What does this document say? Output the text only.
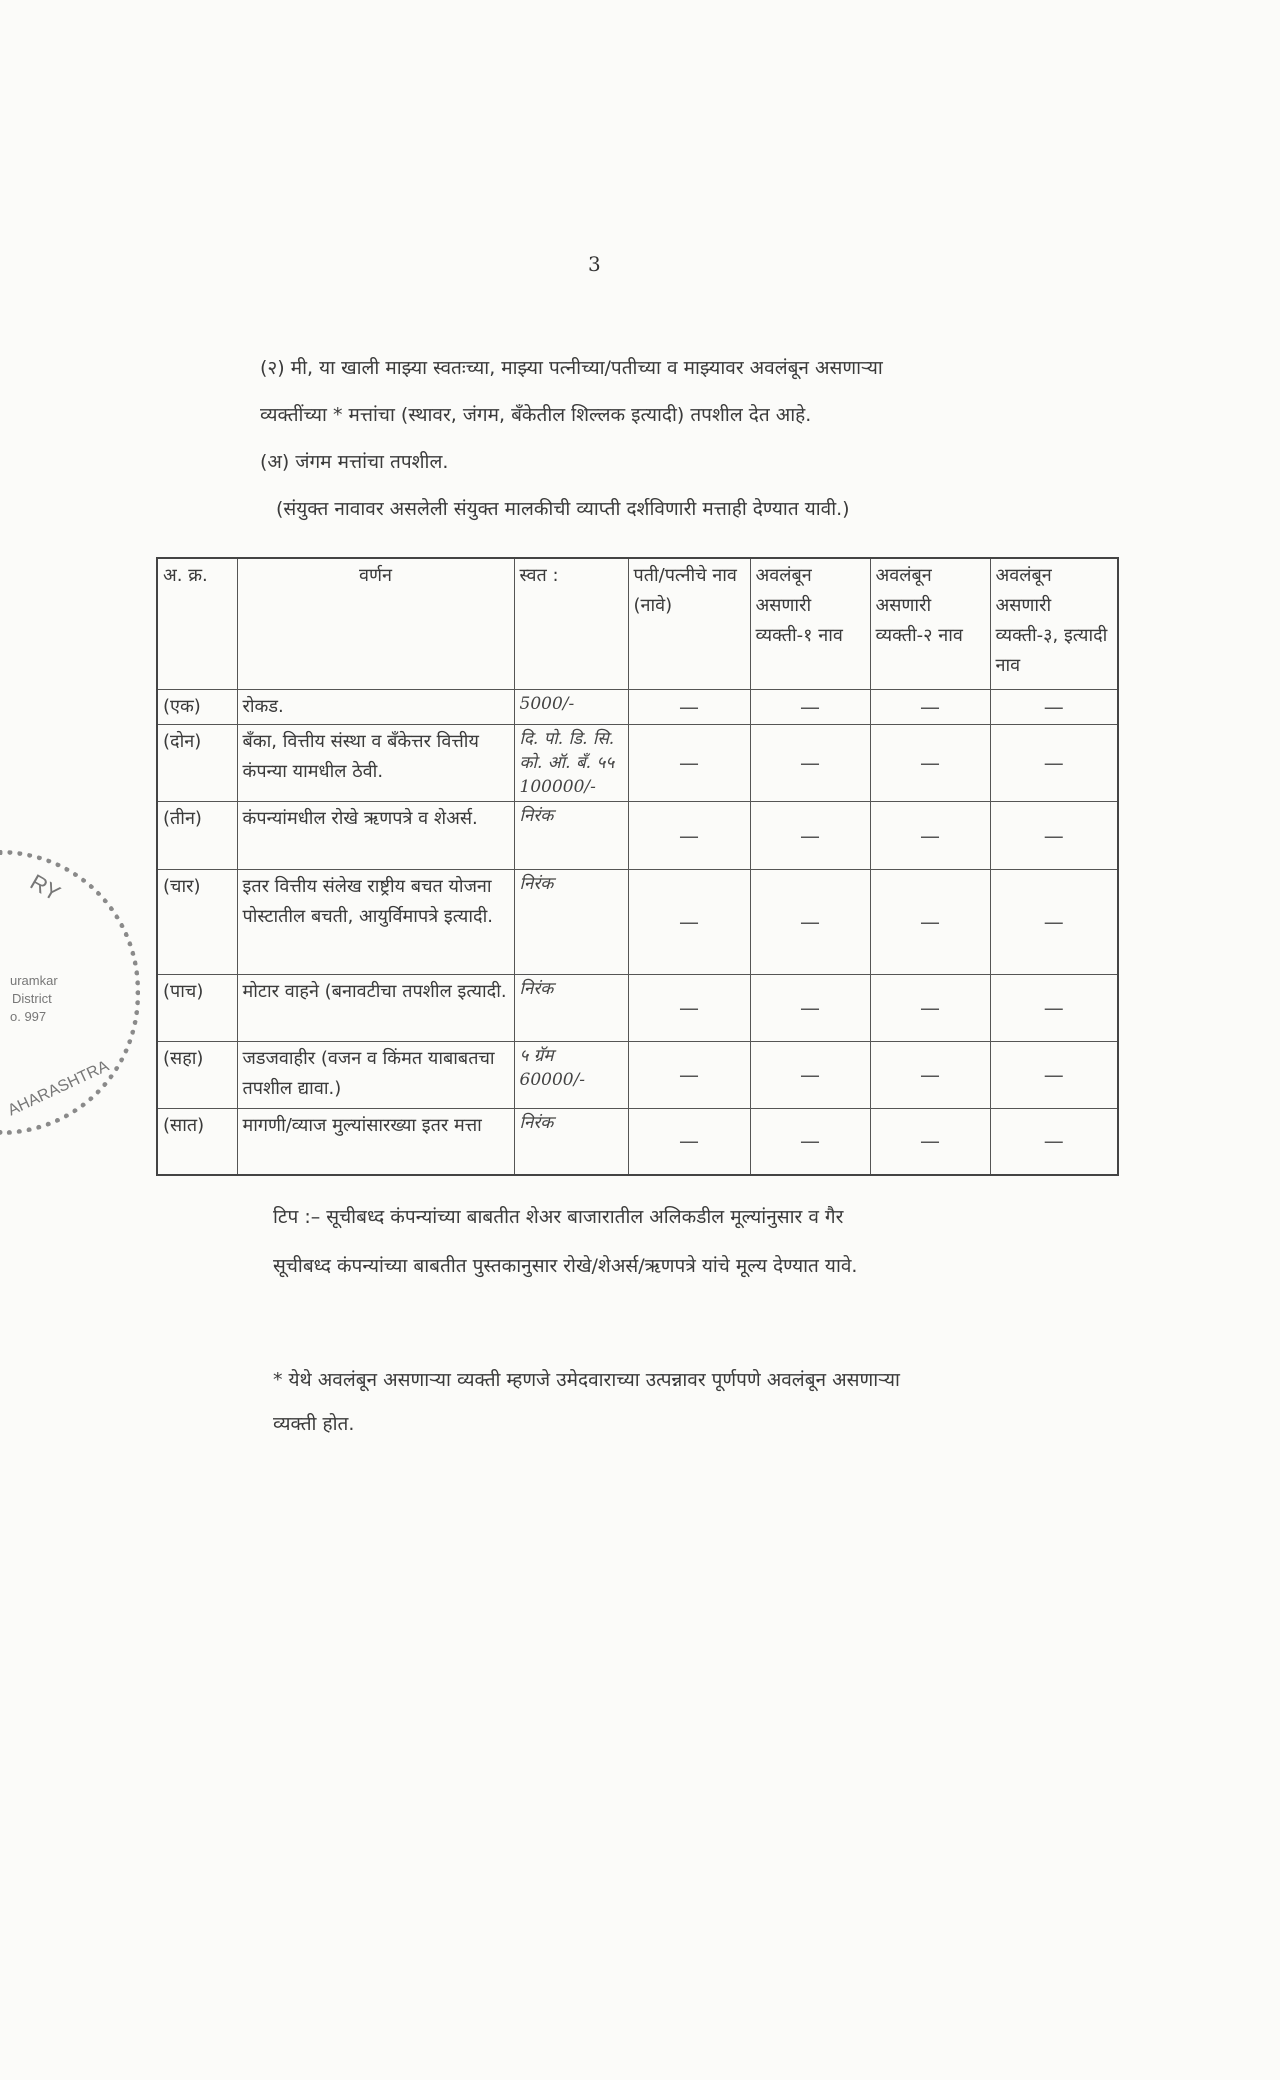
3
(२) मी, या खाली माझ्या स्वतःच्या, माझ्या पत्नीच्या/पतीच्या व माझ्यावर अवलंबून असणाऱ्या
व्यक्तींच्या * मत्तांचा (स्थावर, जंगम, बँकेतील शिल्लक इत्यादी) तपशील देत आहे.
(अ) जंगम मत्तांचा तपशील.
(संयुक्त नावावर असलेली संयुक्त मालकीची व्याप्ती दर्शविणारी मत्ताही देण्यात यावी.)
अ. क्र.	वर्णन	स्वत :	पती/पत्नीचे नाव (नावे)	अवलंबून असणारी व्यक्ती-१ नाव	अवलंबून असणारी व्यक्ती-२ नाव	अवलंबून असणारी व्यक्ती-३, इत्यादी नाव
(एक)	रोकड.	5000/-	—	—	—	—
(दोन)	बँका, वित्तीय संस्था व बँकेत्तर वित्तीय कंपन्या यामधील ठेवी.	दि. पो. डि. सि. को. ऑ. बँ. ५५ 100000/-	—	—	—	—
(तीन)	कंपन्यांमधील रोखे ऋणपत्रे व शेअर्स.	निरंक	—	—	—	—
(चार)	इतर वित्तीय संलेख राष्ट्रीय बचत योजना पोस्टातील बचती, आयुर्विमापत्रे इत्यादी.	निरंक	—	—	—	—
(पाच)	मोटार वाहने (बनावटीचा तपशील इत्यादी.	निरंक	—	—	—	—
(सहा)	जडजवाहीर (वजन व किंमत याबाबतचा तपशील द्यावा.)	५ ग्रॅम 60000/-	—	—	—	—
(सात)	मागणी/व्याज मुल्यांसारख्या इतर मत्ता	निरंक	—	—	—	—
टिप :– सूचीबध्द कंपन्यांच्या बाबतीत शेअर बाजारातील अलिकडील मूल्यांनुसार व गैर
सूचीबध्द कंपन्यांच्या बाबतीत पुस्तकानुसार रोखे/शेअर्स/ऋणपत्रे यांचे मूल्य देण्यात यावे.
* येथे अवलंबून असणाऱ्या व्यक्ती म्हणजे उमेदवाराच्या उत्पन्नावर पूर्णपणे अवलंबून असणाऱ्या
व्यक्ती होत.
RY
uramkar
District
o. 997
AHARASHTRA
